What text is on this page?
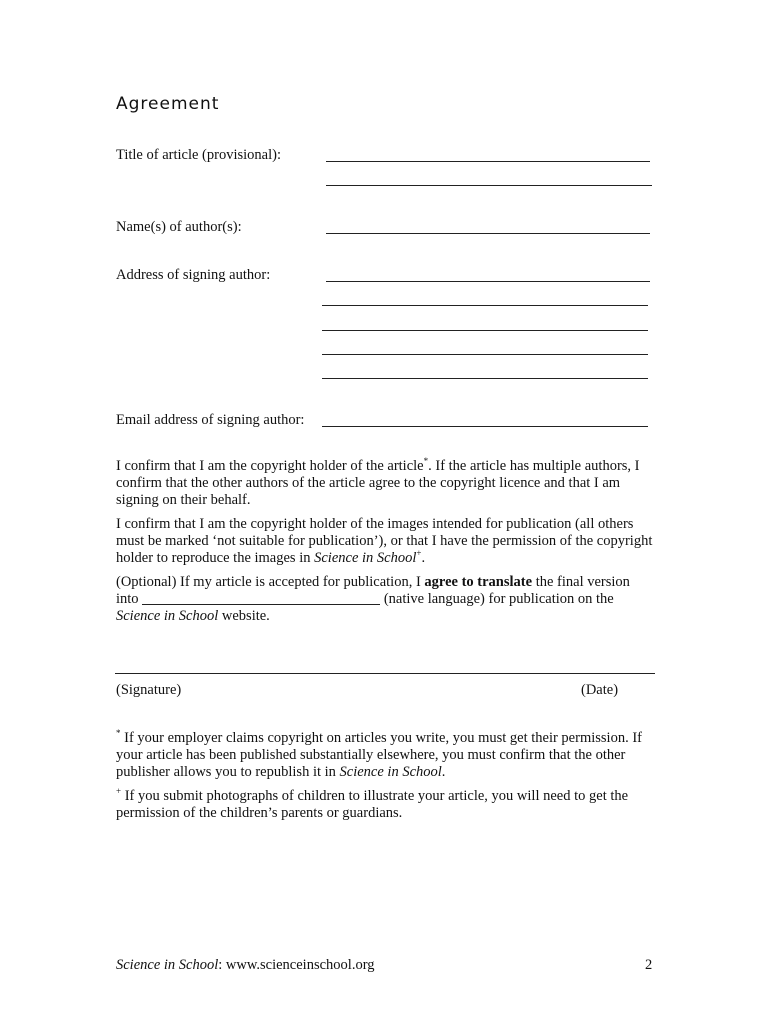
Agreement
Title of article (provisional):
Name(s) of author(s):
Address of signing author:
Email address of signing author:

I confirm that I am the copyright holder of the article*. If the article has multiple authors, I confirm that the other authors of the article agree to the copyright licence and that I am signing on their behalf.

I confirm that I am the copyright holder of the images intended for publication (all others must be marked ‘not suitable for publication’), or that I have the permission of the copyright holder to reproduce the images in Science in School+.

(Optional) If my article is accepted for publication, I agree to translate the final version into	(native language) for publication on the Science in School website.

(Signature)	(Date)

* If your employer claims copyright on articles you write, you must get their permission. If your article has been published substantially elsewhere, you must confirm that the other publisher allows you to republish it in Science in School.

+ If you submit photographs of children to illustrate your article, you will need to get the permission of the children’s parents or guardians.

Science in School: www.scienceinschool.org	2
